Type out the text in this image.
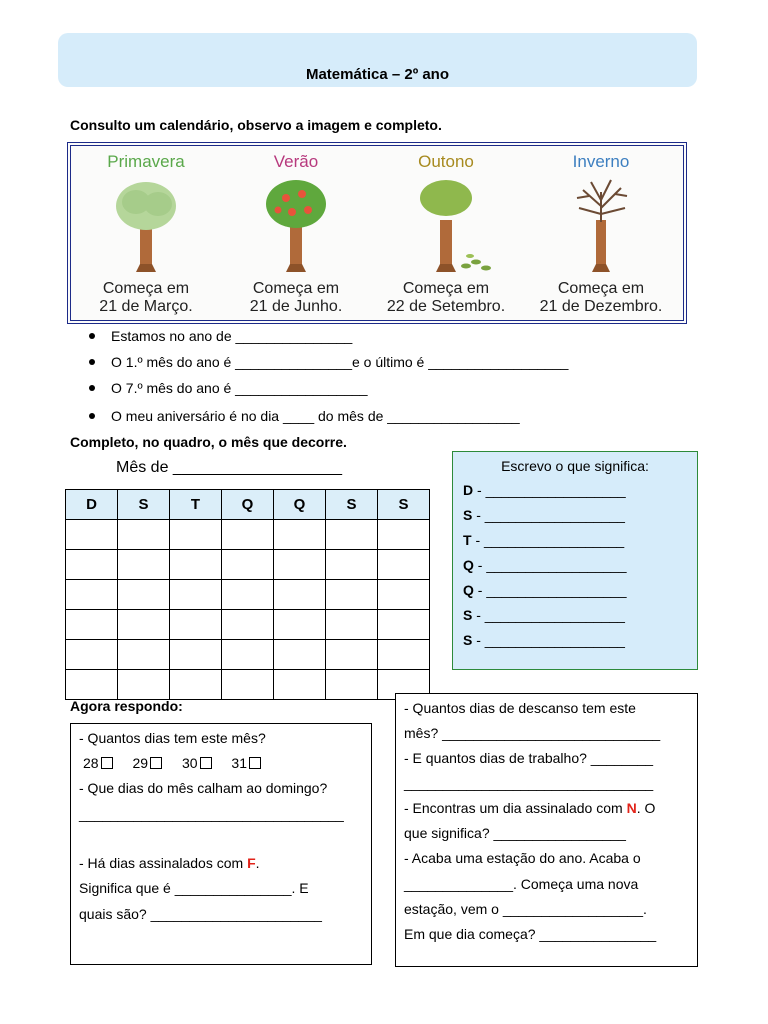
Matemática – 2º ano
Consulto um calendário, observo a imagem e completo.
Primavera
Começa em
21 de Março.
Verão
Começa em
21 de Junho.
Outono
Começa em
22 de Setembro.
Inverno
Começa em
21 de Dezembro.
Estamos no ano de _______________
O 1.º mês do ano é _______________e o último é __________________
O 7.º mês do ano é _________________
O meu aniversário é no dia ____ do mês de _________________
Completo, no quadro, o mês que decorre.
Mês de ___________________
D	S	T	Q	Q	S	S

Escrevo o que significa:
D - __________________
S - __________________
T - __________________
Q - __________________
Q - __________________
S - __________________
S - __________________
Agora respondo:
- Quantos dias tem este mês?
28 29 30 31
- Que dias do mês calham ao domingo?
__________________________________
- Há dias assinalados com F.
Significa que é _______________. E
quais são? ______________________
- Quantos dias de descanso tem este
mês? ____________________________
- E quantos dias de trabalho? ________
________________________________
- Encontras um dia assinalado com N. O
que significa? _________________
- Acaba uma estação do ano. Acaba o
______________. Começa uma nova
estação, vem o __________________.
Em que dia começa? _______________
